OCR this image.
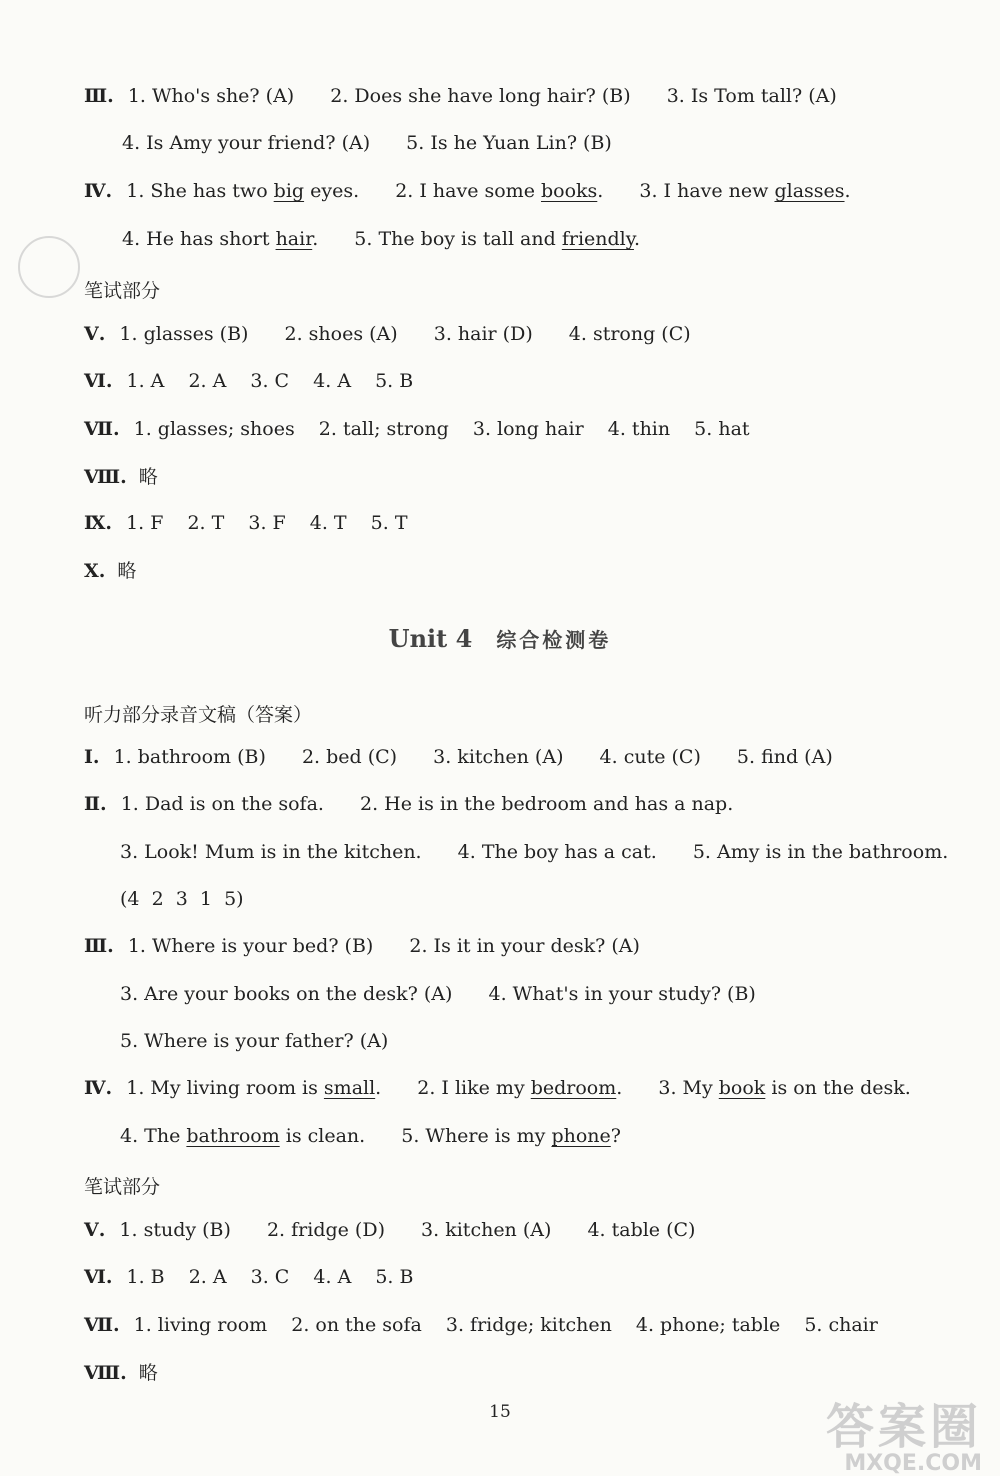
Ⅲ. 1. Who's she? (A) 2. Does she have long hair? (B) 3. Is Tom tall? (A)
4. Is Amy your friend? (A) 5. Is he Yuan Lin? (B)
Ⅳ. 1. She has two big eyes. 2. I have some books. 3. I have new glasses.
4. He has short hair. 5. The boy is tall and friendly.
笔试部分
Ⅴ. 1. glasses (B) 2. shoes (A) 3. hair (D) 4. strong (C)
Ⅵ. 1. A 2. A 3. C 4. A 5. B
Ⅶ. 1. glasses; shoes 2. tall; strong 3. long hair 4. thin 5. hat
Ⅷ. 略
Ⅸ. 1. F 2. T 3. F 4. T 5. T
Ⅹ. 略
Unit 4 综合检测卷
听力部分录音文稿（答案）
Ⅰ. 1. bathroom (B) 2. bed (C) 3. kitchen (A) 4. cute (C) 5. find (A)
Ⅱ. 1. Dad is on the sofa. 2. He is in the bedroom and has a nap.
3. Look! Mum is in the kitchen. 4. The boy has a cat. 5. Amy is in the bathroom.
(4  2  3  1  5)
Ⅲ. 1. Where is your bed? (B) 2. Is it in your desk? (A)
3. Are your books on the desk? (A) 4. What's in your study? (B)
5. Where is your father? (A)
Ⅳ. 1. My living room is small. 2. I like my bedroom. 3. My book is on the desk.
4. The bathroom is clean. 5. Where is my phone?
笔试部分
Ⅴ. 1. study (B) 2. fridge (D) 3. kitchen (A) 4. table (C)
Ⅵ. 1. B 2. A 3. C 4. A 5. B
Ⅶ. 1. living room 2. on the sofa 3. fridge; kitchen 4. phone; table 5. chair
Ⅷ. 略
15	答案圈
MXQE.COM
